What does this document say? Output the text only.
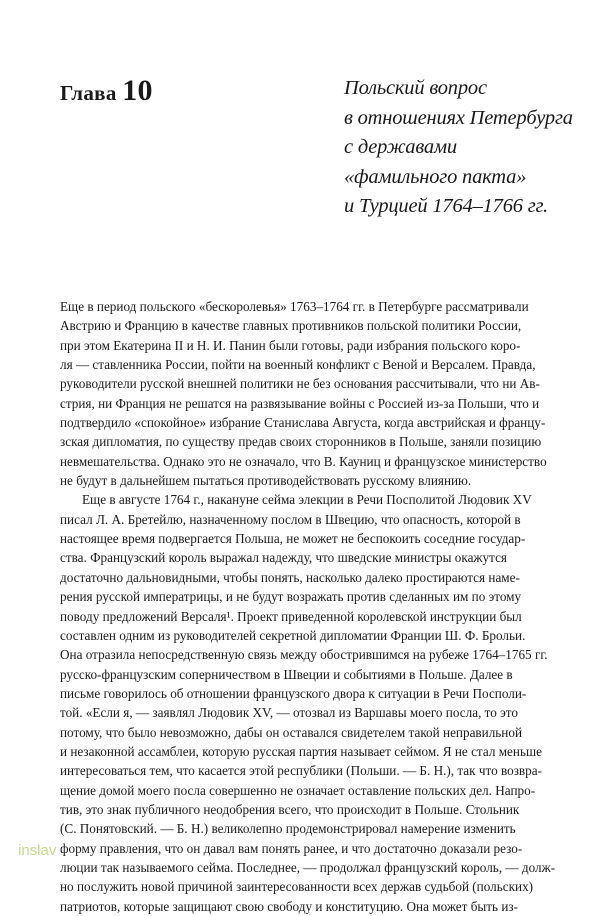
Глава 10	Польский вопрос
в отношениях Петербурга
с державами
«фамильного пакта»
и Турцией 1764–1766 гг.
Еще в период польского «бескоролевья» 1763–1764 гг. в Петербурге рассматривали
Австрию и Францию в качестве главных противников польской политики России,
при этом Екатерина II и Н. И. Панин были готовы, ради избрания польского коро-
ля — ставленника России, пойти на военный конфликт с Веной и Версалем. Правда,
руководители русской внешней политики не без основания рассчитывали, что ни Ав-
стрия, ни Франция не решатся на развязывание войны с Россией из-за Польши, что и
подтвердило «спокойное» избрание Станислава Августа, когда австрийская и францу-
зская дипломатия, по существу предав своих сторонников в Польше, заняли позицию
невмешательства. Однако это не означало, что В. Кауниц и французское министерство
не будут в дальнейшем пытаться противодействовать русскому влиянию.
Еще в августе 1764 г., накануне сейма элекции в Речи Посполитой Людовик XV
писал Л. А. Бретейлю, назначенному послом в Швецию, что опасность, которой в
настоящее время подвергается Польша, не может не беспокоить соседние государ-
ства. Французский король выражал надежду, что шведские министры окажутся
достаточно дальновидными, чтобы понять, насколько далеко простираются наме-
рения русской императрицы, и не будут возражать против сделанных им по этому
поводу предложений Версаля¹. Проект приведенной королевской инструкции был
составлен одним из руководителей секретной дипломатии Франции Ш. Ф. Брольи.
Она отразила непосредственную связь между обострившимся на рубеже 1764–1765 гг.
русско-французским соперничеством в Швеции и событиями в Польше. Далее в
письме говорилось об отношении французского двора к ситуации в Речи Посполи-
той. «Если я, — заявлял Людовик XV, — отозвал из Варшавы моего посла, то это
потому, что было невозможно, дабы он оставался свидетелем такой неправильной
и незаконной ассамблеи, которую русская партия называет сеймом. Я не стал меньше
интересоваться тем, что касается этой республики (Польши. — Б. Н.), так что возвра-
щение домой моего посла совершенно не означает оставление польских дел. Напро-
тив, это знак публичного неодобрения всего, что происходит в Польше. Стольник
(С. Понятовский. — Б. Н.) великолепно продемонстрировал намерение изменить
форму правления, что он давал вам понять ранее, и что достаточно доказали резо-
люции так называемого сейма. Последнее, — продолжал французский король, — долж-
но послужить новой причиной заинтересованности всех держав судьбой (польских)
патриотов, которые защищают свою свободу и конституцию. Она может быть из-
inslav
